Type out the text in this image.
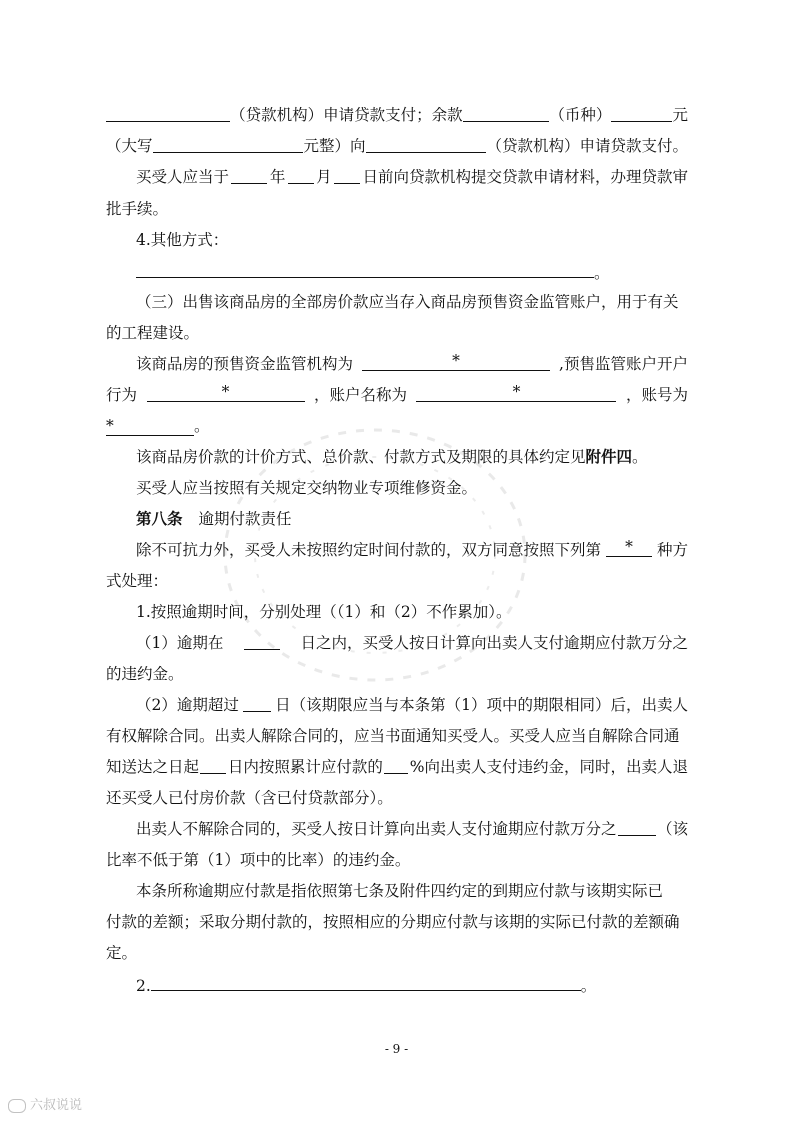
（贷款机构）申请贷款支付；余款	（币种）	元
（大写	元整）向	（贷款机构）申请贷款支付。
买受人应当于	年 月 日前向贷款机构提交贷款申请材料，办理贷款审
批手续。
4.其他方式：
。
（三）出售该商品房的全部房价款应当存入商品房预售资金监管账户，用于有关
的工程建设。
该商品房的预售资金监管机构为	*	,预售监管账户开户
行为	*	，账户名称为	*	，账号为
*	。
该商品房价款的计价方式、总价款、付款方式及期限的具体约定见附件四。
买受人应当按照有关规定交纳物业专项维修资金。
第八条 逾期付款责任
除不可抗力外，买受人未按照约定时间付款的，双方同意按照下列第	*	种方
式处理：
1.按照逾期时间，分别处理（（1）和（2）不作累加）。
（1）逾期在	日之内，买受人按日计算向出卖人支付逾期应付款万分之
的违约金。
（2）逾期超过 日（该期限应当与本条第（1）项中的期限相同）后，出卖人
有权解除合同。出卖人解除合同的，应当书面通知买受人。买受人应当自解除合同通
知送达之日起 日内按照累计应付款的 %向出卖人支付违约金，同时，出卖人退
还买受人已付房价款（含已付贷款部分）。
出卖人不解除合同的，买受人按日计算向出卖人支付逾期应付款万分之	（该
比率不低于第（1）项中的比率）的违约金。
本条所称逾期应付款是指依照第七条及附件四约定的到期应付款与该期实际已
付款的差额；采取分期付款的，按照相应的分期应付款与该期的实际已付款的差额确
定。
2.	。
- 9 -
六叔说说
